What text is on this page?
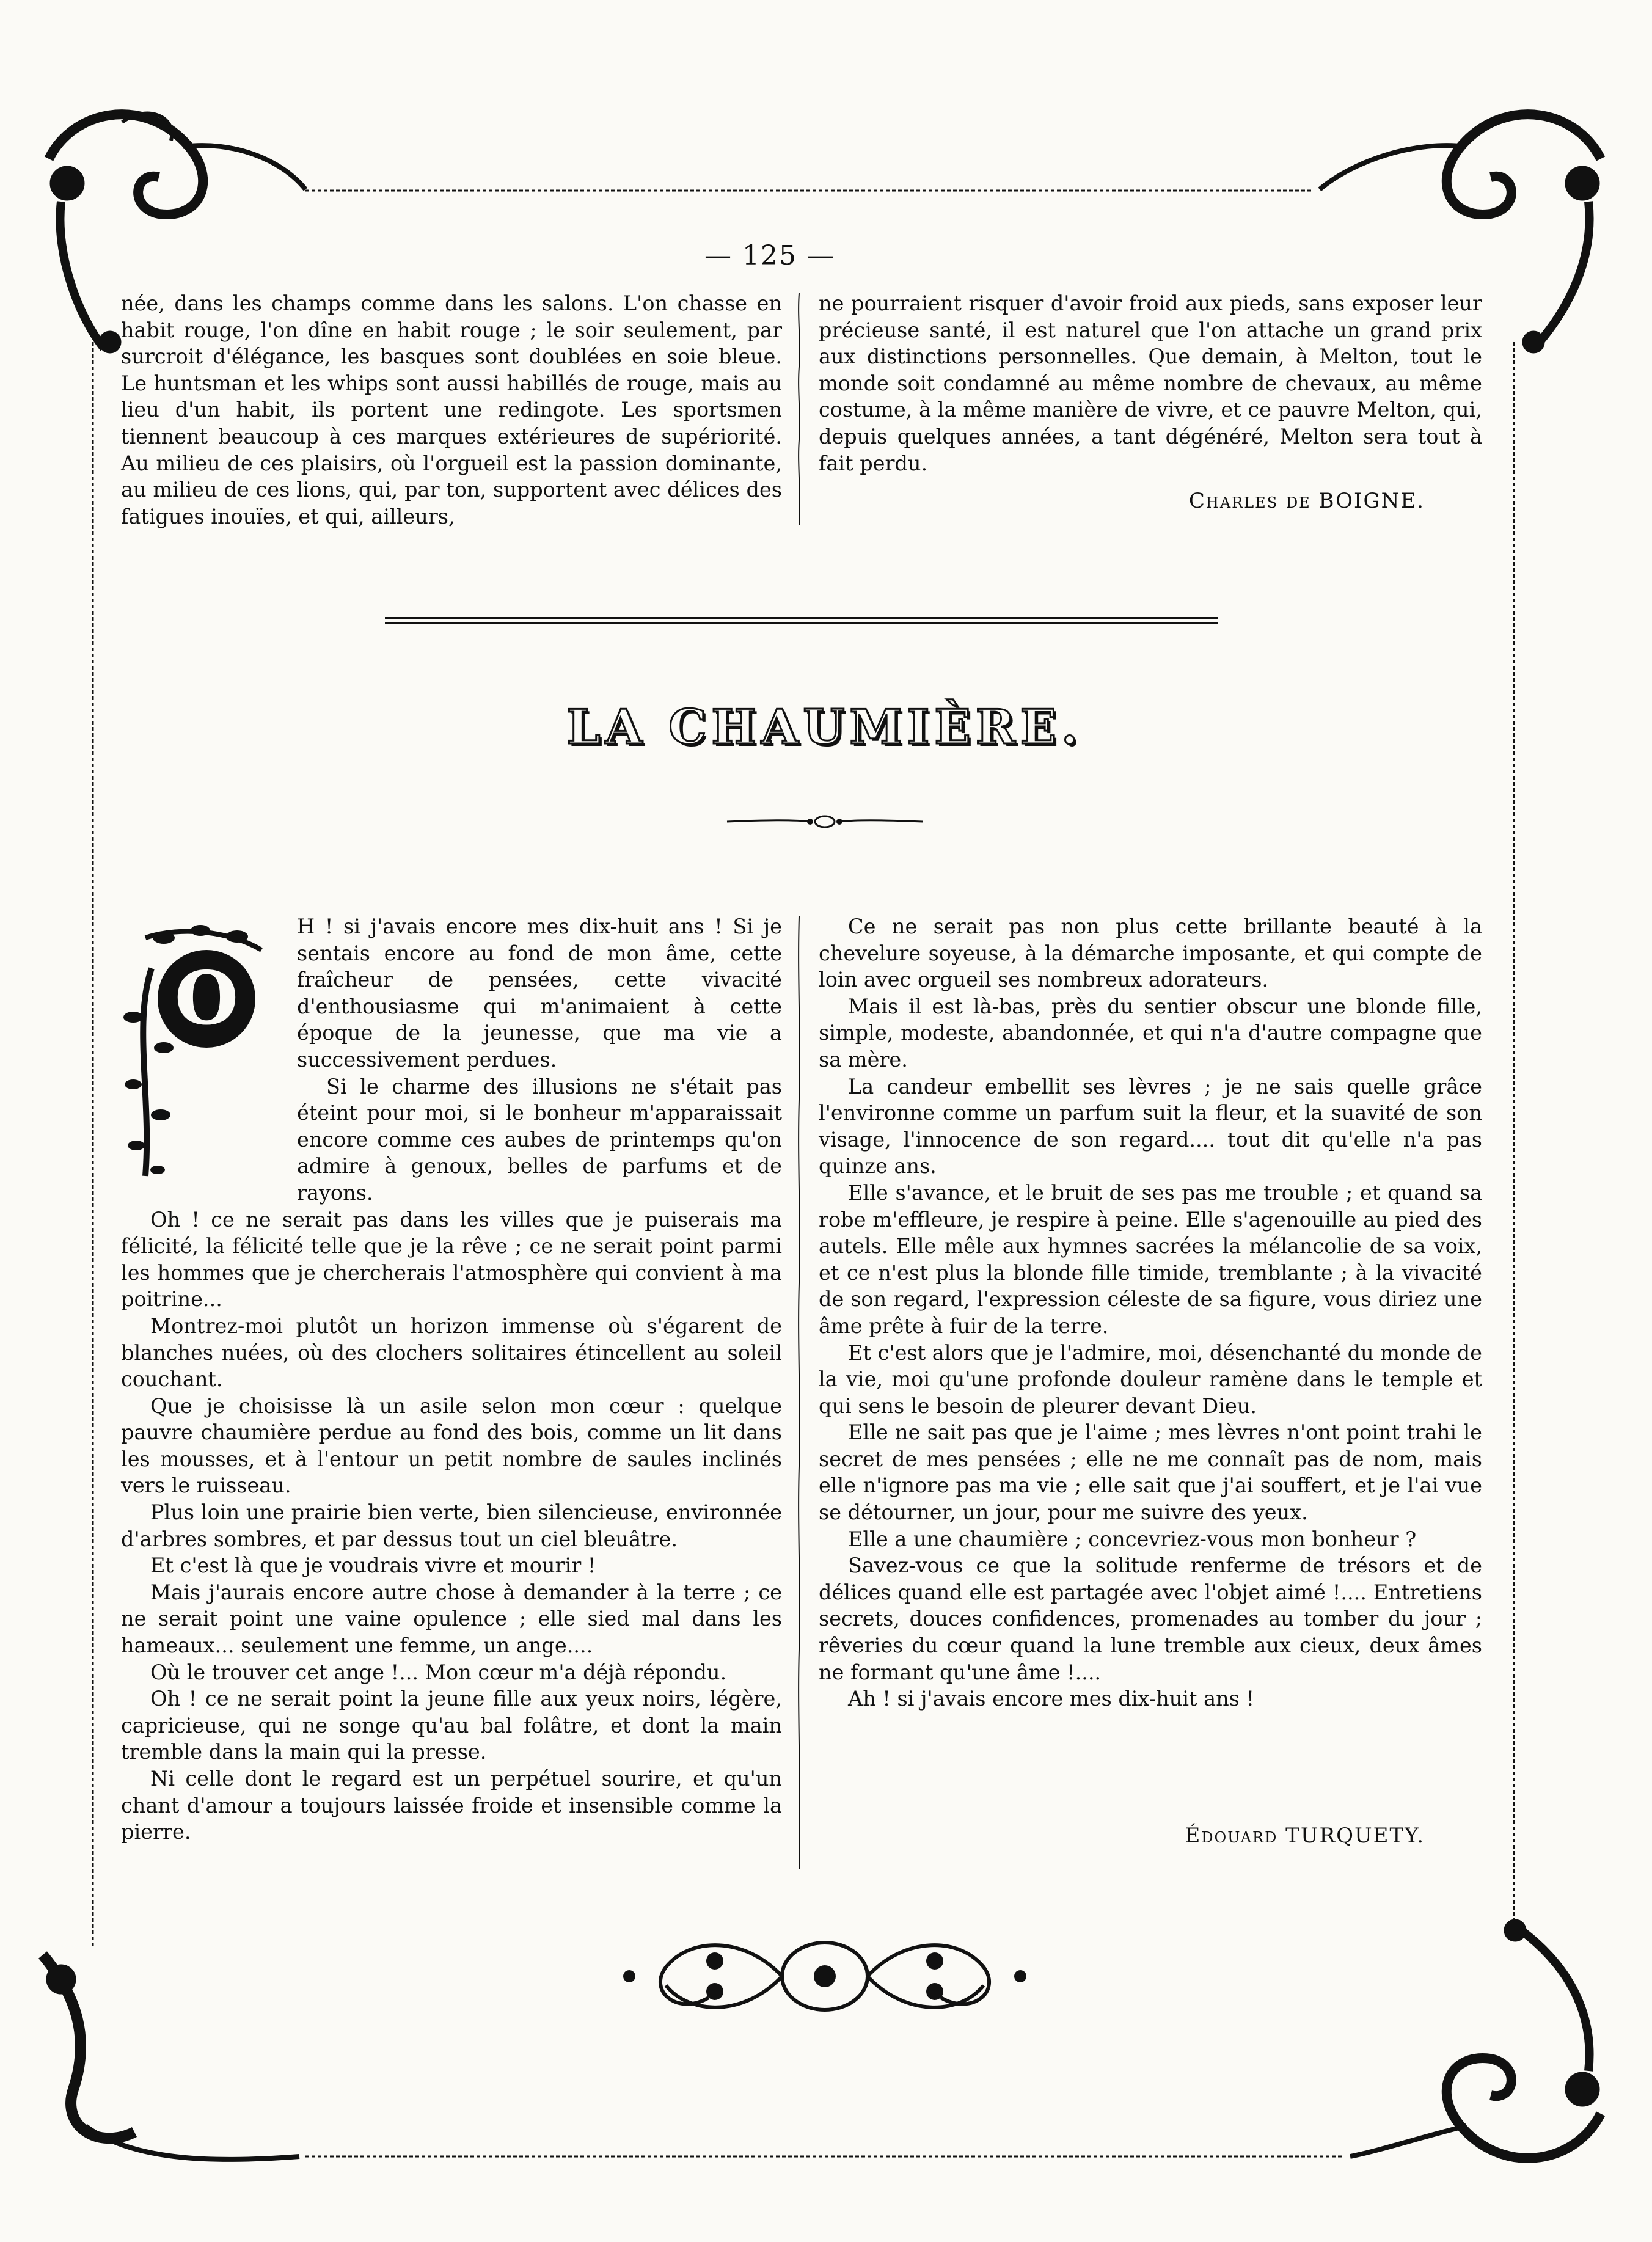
— 125 —

née, dans les champs comme dans les salons. L'on chasse en habit rouge, l'on dîne en habit rouge ; le soir seulement, par surcroit d'élégance, les basques sont doublées en soie bleue. Le huntsman et les whips sont aussi habillés de rouge, mais au lieu d'un habit, ils portent une redingote. Les sportsmen tiennent beaucoup à ces marques extérieures de supériorité. Au milieu de ces plaisirs, où l'orgueil est la passion dominante, au milieu de ces lions, qui, par ton, supportent avec délices des fatigues inouïes, et qui, ailleurs,

ne pourraient risquer d'avoir froid aux pieds, sans exposer leur précieuse santé, il est naturel que l'on attache un grand prix aux distinctions personnelles. Que demain, à Melton, tout le monde soit condamné au même nombre de chevaux, au même costume, à la même manière de vivre, et ce pauvre Melton, qui, depuis quelques années, a tant dégénéré, Melton sera tout à fait perdu.

Charles de BOIGNE.
LA CHAUMIÈRE.
O

H ! si j'avais encore mes dix-huit ans ! Si je sentais encore au fond de mon âme, cette fraîcheur de pensées, cette vivacité d'enthousiasme qui m'animaient à cette époque de la jeunesse, que ma vie a successivement perdues.

Si le charme des illusions ne s'était pas éteint pour moi, si le bonheur m'apparaissait encore comme ces aubes de printemps qu'on admire à genoux, belles de parfums et de rayons.

Oh ! ce ne serait pas dans les villes que je puiserais ma félicité, la félicité telle que je la rêve ; ce ne serait point parmi les hommes que je chercherais l'atmosphère qui convient à ma poitrine...

Montrez-moi plutôt un horizon immense où s'égarent de blanches nuées, où des clochers solitaires étincellent au soleil couchant.

Que je choisisse là un asile selon mon cœur : quelque pauvre chaumière perdue au fond des bois, comme un lit dans les mousses, et à l'entour un petit nombre de saules inclinés vers le ruisseau.

Plus loin une prairie bien verte, bien silencieuse, environnée d'arbres sombres, et par dessus tout un ciel bleuâtre.

Et c'est là que je voudrais vivre et mourir !

Mais j'aurais encore autre chose à demander à la terre ; ce ne serait point une vaine opulence ; elle sied mal dans les hameaux... seulement une femme, un ange....

Où le trouver cet ange !... Mon cœur m'a déjà répondu.

Oh ! ce ne serait point la jeune fille aux yeux noirs, légère, capricieuse, qui ne songe qu'au bal folâtre, et dont la main tremble dans la main qui la presse.

Ni celle dont le regard est un perpétuel sourire, et qu'un chant d'amour a toujours laissée froide et insensible comme la pierre.

Ce ne serait pas non plus cette brillante beauté à la chevelure soyeuse, à la démarche imposante, et qui compte de loin avec orgueil ses nombreux adorateurs.

Mais il est là-bas, près du sentier obscur une blonde fille, simple, modeste, abandonnée, et qui n'a d'autre compagne que sa mère.

La candeur embellit ses lèvres ; je ne sais quelle grâce l'environne comme un parfum suit la fleur, et la suavité de son visage, l'innocence de son regard.... tout dit qu'elle n'a pas quinze ans.

Elle s'avance, et le bruit de ses pas me trouble ; et quand sa robe m'effleure, je respire à peine. Elle s'agenouille au pied des autels. Elle mêle aux hymnes sacrées la mélancolie de sa voix, et ce n'est plus la blonde fille timide, tremblante ; à la vivacité de son regard, l'expression céleste de sa figure, vous diriez une âme prête à fuir de la terre.

Et c'est alors que je l'admire, moi, désenchanté du monde de la vie, moi qu'une profonde douleur ramène dans le temple et qui sens le besoin de pleurer devant Dieu.

Elle ne sait pas que je l'aime ; mes lèvres n'ont point trahi le secret de mes pensées ; elle ne me connaît pas de nom, mais elle n'ignore pas ma vie ; elle sait que j'ai souffert, et je l'ai vue se détourner, un jour, pour me suivre des yeux.

Elle a une chaumière ; concevriez-vous mon bonheur ?

Savez-vous ce que la solitude renferme de trésors et de délices quand elle est partagée avec l'objet aimé !.... Entretiens secrets, douces confidences, promenades au tomber du jour ; rêveries du cœur quand la lune tremble aux cieux, deux âmes ne formant qu'une âme !....

Ah ! si j'avais encore mes dix-huit ans !

Édouard TURQUETY.
